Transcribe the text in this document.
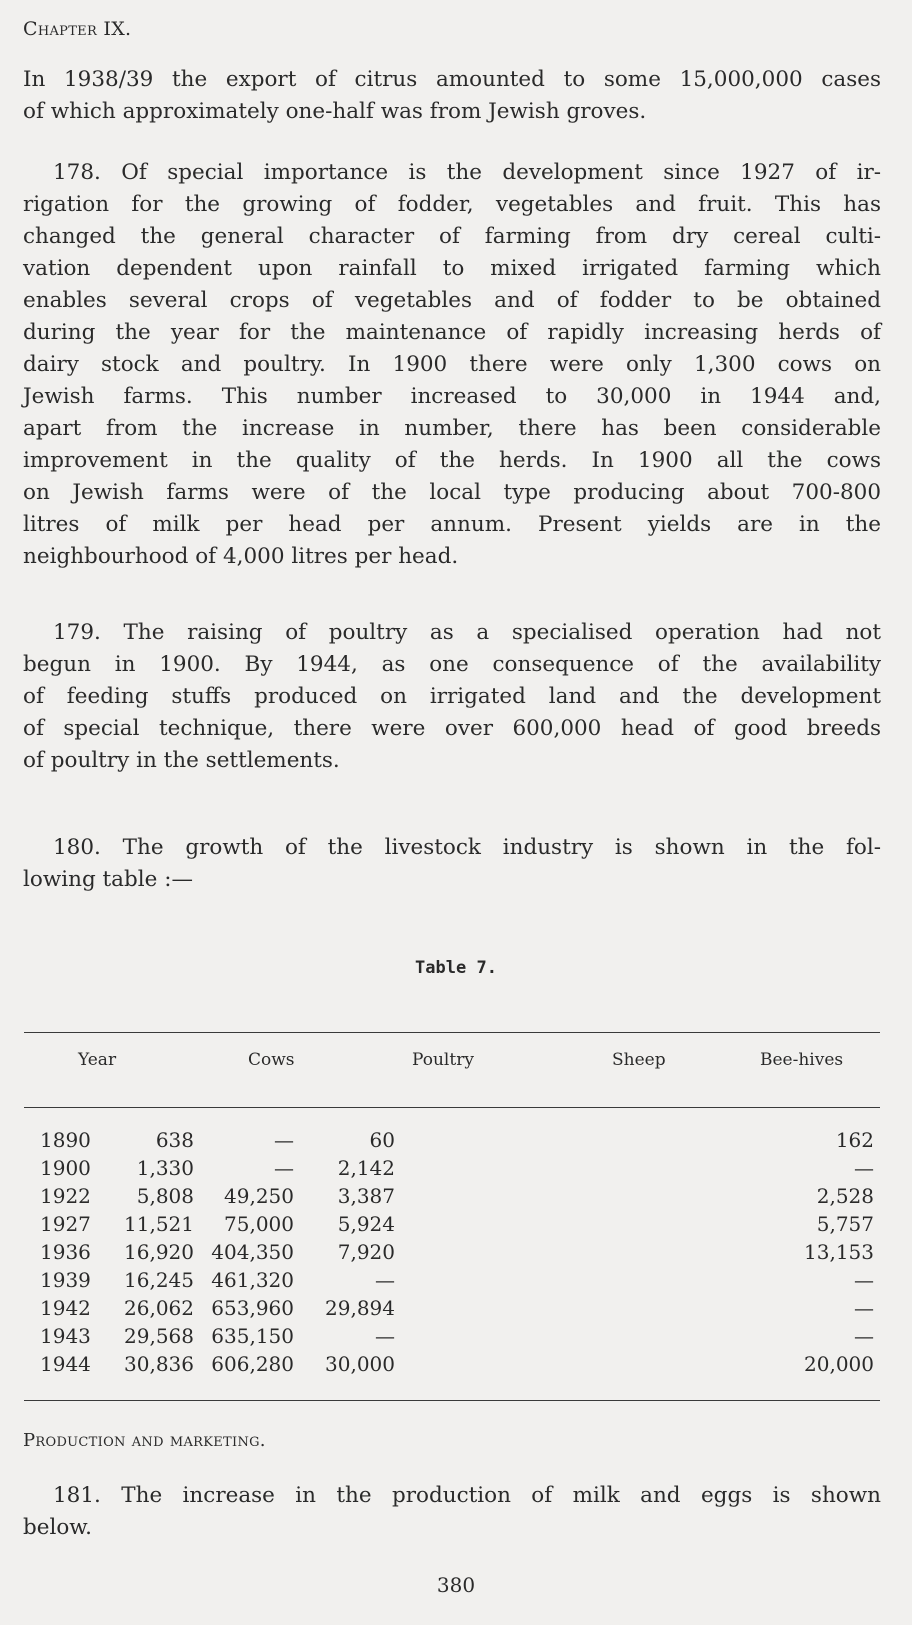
Chapter IX.
In 1938/39 the export of citrus amounted to some 15,000,000 cases
of which approximately one-half was from Jewish groves.
178. Of special importance is the development since 1927 of ir-
rigation for the growing of fodder, vegetables and fruit. This has
changed the general character of farming from dry cereal culti-
vation dependent upon rainfall to mixed irrigated farming which
enables several crops of vegetables and of fodder to be obtained
during the year for the maintenance of rapidly increasing herds of
dairy stock and poultry. In 1900 there were only 1,300 cows on
Jewish farms. This number increased to 30,000 in 1944 and,
apart from the increase in number, there has been considerable
improvement in the quality of the herds. In 1900 all the cows
on Jewish farms were of the local type producing about 700-800
litres of milk per head per annum. Present yields are in the
neighbourhood of 4,000 litres per head.
179. The raising of poultry as a specialised operation had not
begun in 1900. By 1944, as one consequence of the availability
of feeding stuffs produced on irrigated land and the development
of special technique, there were over 600,000 head of good breeds
of poultry in the settlements.
180. The growth of the livestock industry is shown in the fol-
lowing table :—
Table 7.
Year	Cows	Poultry	Sheep	Bee-hives
1890	638	—	60	162
1900 1,330	— 2,142	—
1922 5,808 49,250 3,387	2,528
1927 11,521 75,000 5,924	5,757
1936 16,920 404,350 7,920	13,153
1939 16,245 461,320	—	—
1942 26,062 653,960 29,894	—
1943 29,568 635,150	—	—
1944 30,836 606,280 30,000	20,000
Production and marketing.
181. The increase in the production of milk and eggs is shown
below.
380
